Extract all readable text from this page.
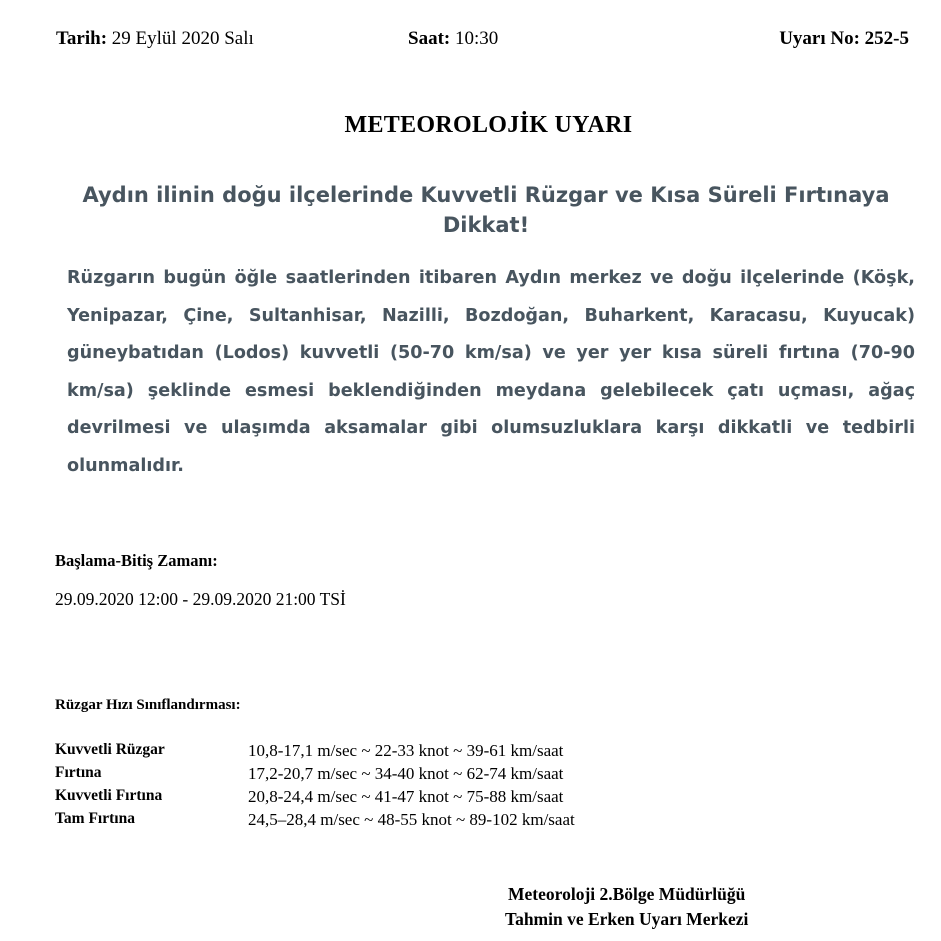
Tarih: 29 Eylül 2020 Salı	Saat: 10:30	Uyarı No: 252-5
METEOROLOJİK UYARI
Aydın ilinin doğu ilçelerinde Kuvvetli Rüzgar ve Kısa Süreli Fırtınaya Dikkat!
Rüzgarın bugün öğle saatlerinden itibaren Aydın merkez ve doğu ilçelerinde (Köşk, Yenipazar, Çine, Sultanhisar, Nazilli, Bozdoğan, Buharkent, Karacasu, Kuyucak) güneybatıdan (Lodos) kuvvetli (50-70 km/sa) ve yer yer kısa süreli fırtına (70-90 km/sa) şeklinde esmesi beklendiğinden meydana gelebilecek çatı uçması, ağaç devrilmesi ve ulaşımda aksamalar gibi olumsuzluklara karşı dikkatli ve tedbirli olunmalıdır.
Başlama-Bitiş Zamanı:
29.09.2020 12:00 - 29.09.2020 21:00 TSİ
Rüzgar Hızı Sınıflandırması:
Kuvvetli Rüzgar	10,8-17,1 m/sec ~ 22-33 knot ~ 39-61 km/saat
Fırtına	17,2-20,7 m/sec ~ 34-40 knot ~ 62-74 km/saat
Kuvvetli Fırtına	20,8-24,4 m/sec ~ 41-47 knot ~ 75-88 km/saat
Tam Fırtına	24,5–28,4 m/sec ~ 48-55 knot ~ 89-102 km/saat
Meteoroloji 2.Bölge Müdürlüğü
Tahmin ve Erken Uyarı Merkezi
